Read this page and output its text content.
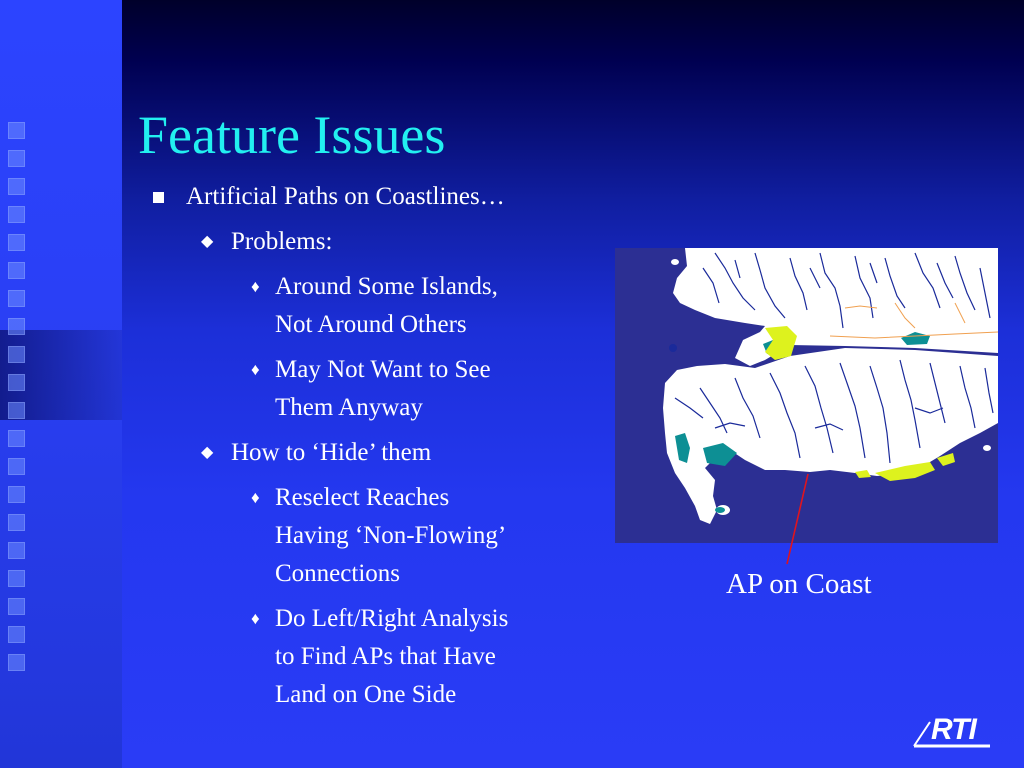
Feature Issues
Artificial Paths on Coastlines…
◆ Problems:
♦ Around Some Islands,
Not Around Others
♦ May Not Want to See
Them Anyway
◆ How to ‘Hide’ them
♦ Reselect Reaches
Having ‘Non-Flowing’
Connections
♦ Do Left/Right Analysis
to Find APs that Have
Land on One Side
AP on Coast
RTI
